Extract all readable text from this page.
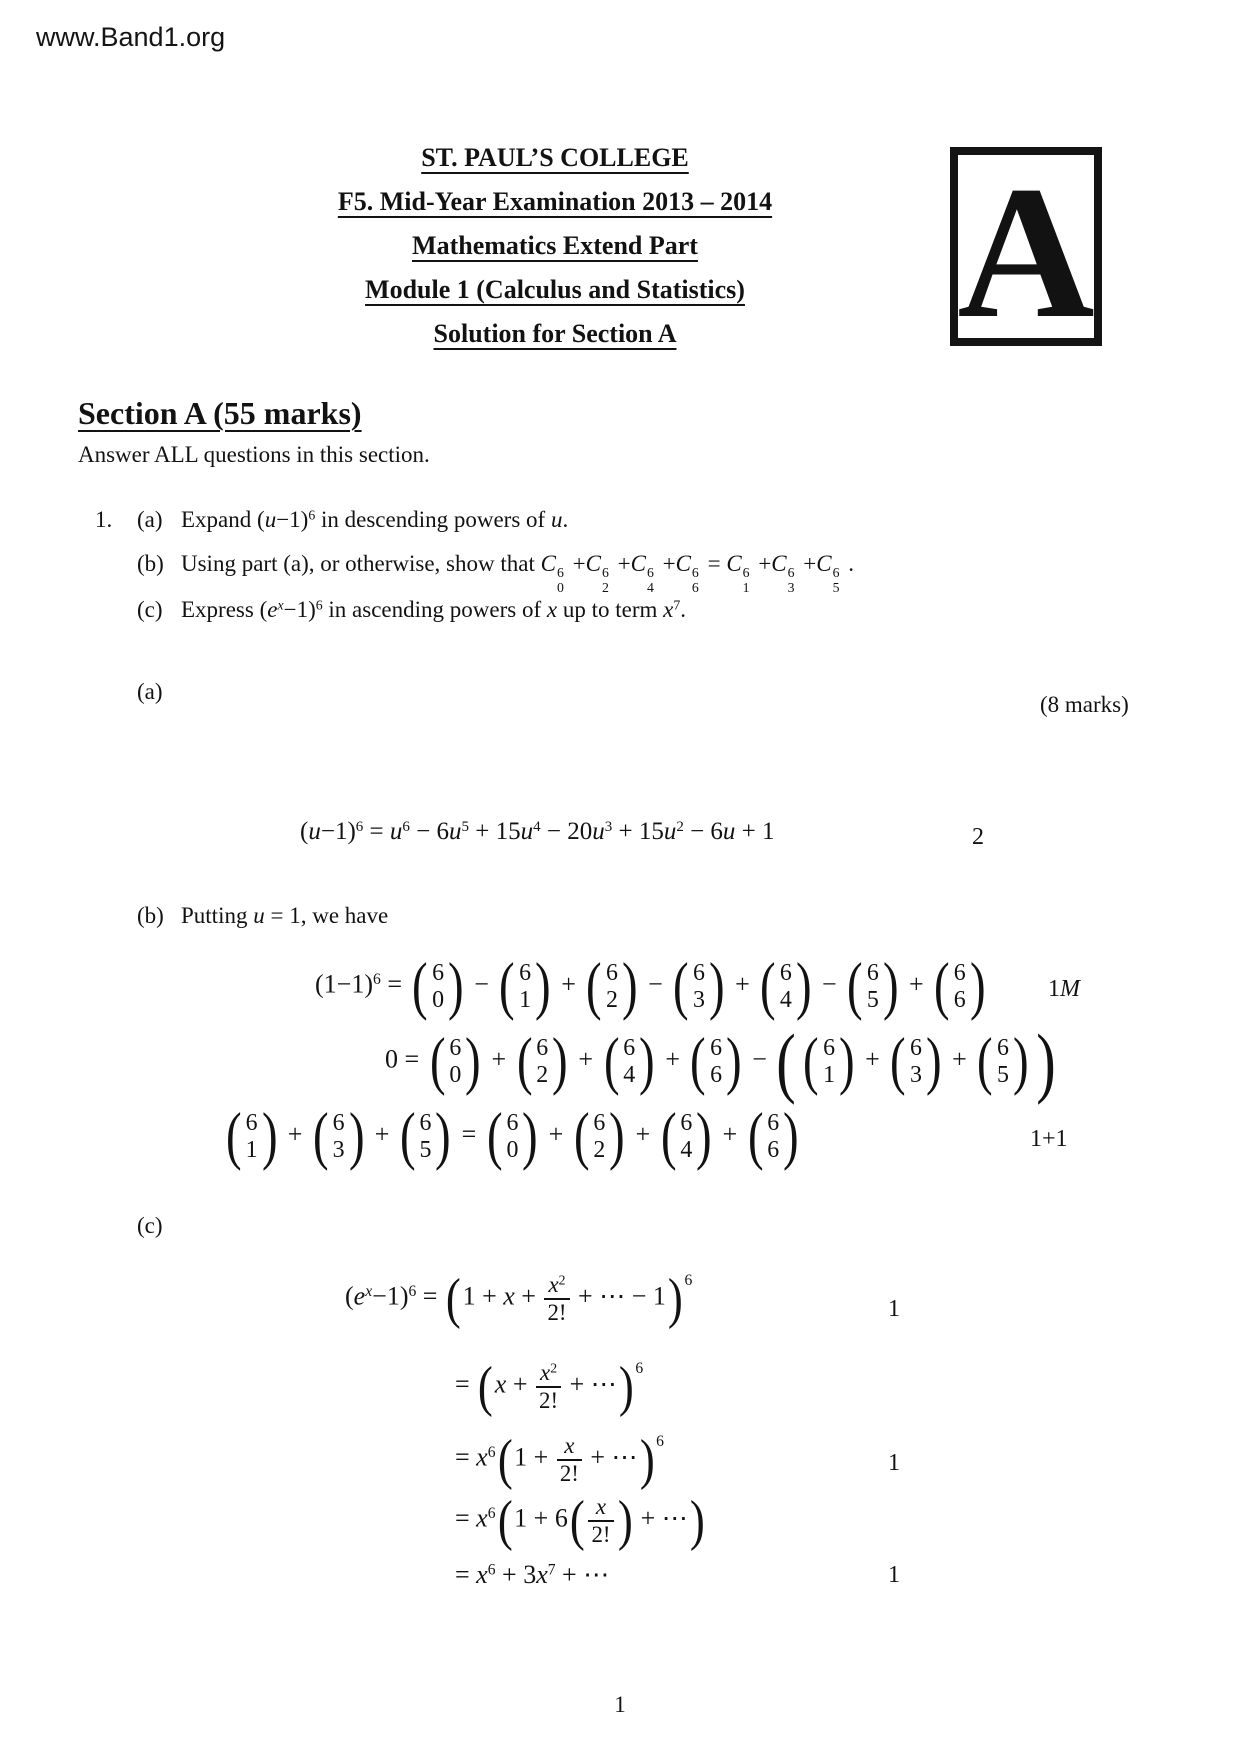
www.Band1.org
ST. PAUL’S COLLEGE
F5. Mid-Year Examination 2013 – 2014
Mathematics Extend Part
Module 1 (Calculus and Statistics)
Solution for Section A	A
Section A (55 marks)
Answer ALL questions in this section.
1. (a) Expand $(u-1)^6$ in descending powers of u.
(b) Using part (a), or otherwise, show that C 6
0
+C 6
2
+C 6
4
+C 6
6
= C 6
1
+C 6
3
+C 6
5
.
(c) Express $(e^x-1)^6$ in ascending powers of x up to term $x^7$.
(8 marks)
(a)
$(u-1)^6 = u^6 - 6u^5 + 15u^4 - 20u^3 + 15u^2 - 6u + 1$	2
(b) Putting u = 1, we have
$(1-1)^6$ = ( 6
0 ) − ( 6
1 ) + ( 6
2 ) − ( 6
3 ) + ( 6
4 ) − ( 6
5 ) + ( 6
6 )	1M
0 = ( 6
0 ) + ( 6
2 ) + ( 6
4 ) + ( 6
6 ) − ( ( 6
1 ) + ( 6
3 ) + ( 6
5 ) )
( 6
1 ) + ( 6
3 ) + ( 6
5 ) = ( 6
0 ) + ( 6
2 ) + ( 6
4 ) + ( 6
6 )	1+1
(c)
$(e^x-1)^6 = (1 + x + \frac{x^2}{2!}$ + ⋯ − 1) $^6$
1
= ($x + \frac{x^2}{2!}$ + ⋯) $^6$
= $x^6(1 + \frac{x}{2!}$ + ⋯) $^6$
1
= $x^6(1 + 6( \frac{x}{2!}$ ) + ⋯)
= $x^6 + 3x^7$ + ⋯	1
1
